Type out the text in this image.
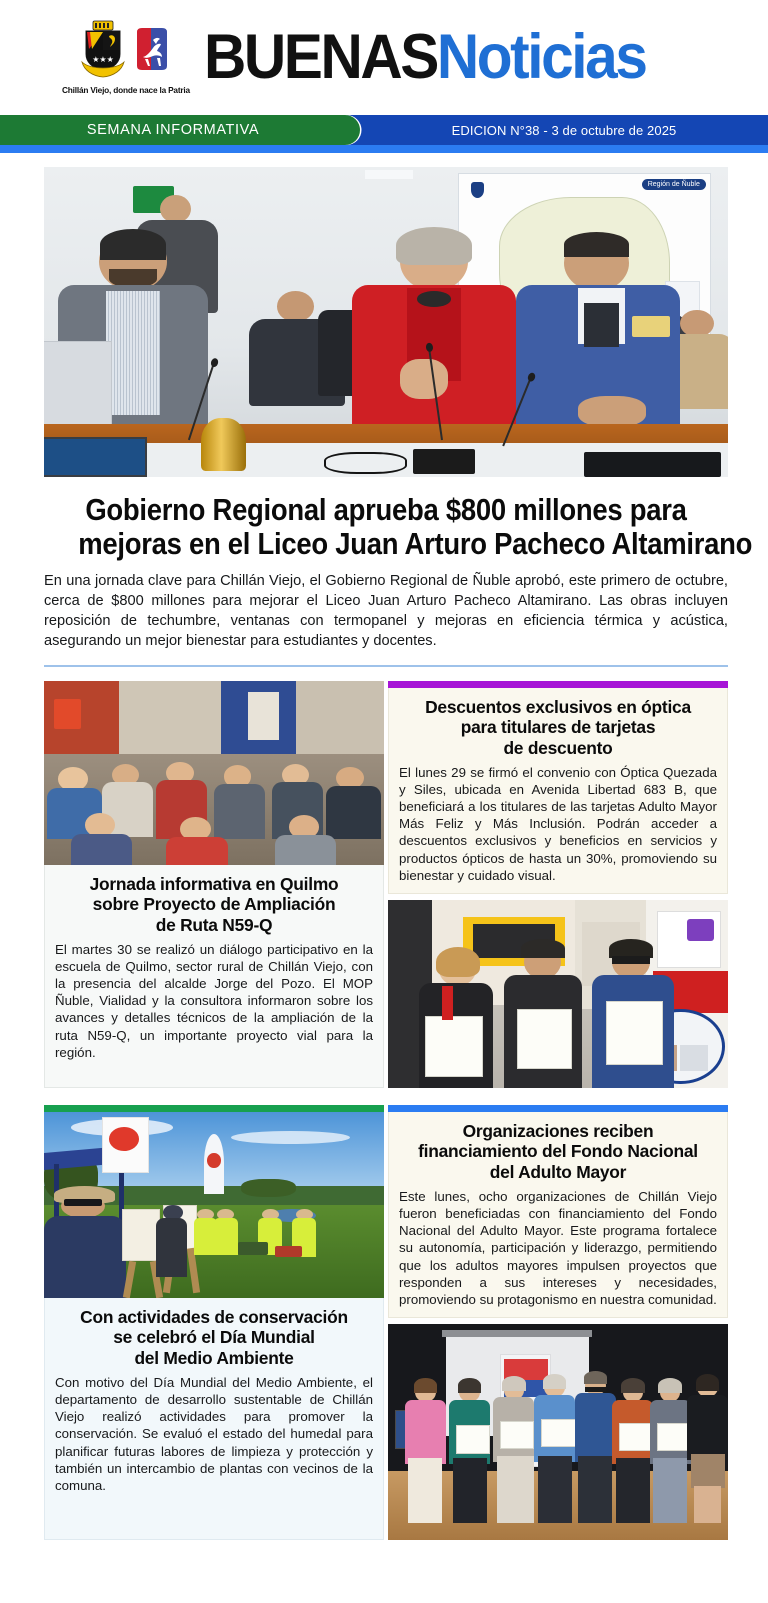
★★★
Chillán Viejo, donde nace la Patria BUENASNoticias
SEMANA INFORMATIVA	EDICION N°38 - 3 de octubre de 2025
Región de Ñuble
Gobierno Regional aprueba $800 millones para
mejoras en el Liceo Juan Arturo Pacheco Altamirano

En una jornada clave para Chillán Viejo, el Gobierno Regional de Ñuble aprobó, este primero de octubre, cerca de $800 millones para mejorar el Liceo Juan Arturo Pacheco Altamirano. Las obras incluyen reposición de techumbre, ventanas con termopanel y mejoras en eficiencia térmica y acústica, asegurando un mejor bienestar para estudiantes y docentes.

Jornada informativa en Quilmo
sobre Proyecto de Ampliación
de Ruta N59-Q

El martes 30 se realizó un diálogo participativo en la escuela de Quilmo, sector rural de Chillán Viejo, con la presencia del alcalde Jorge del Pozo. El MOP Ñuble, Vialidad y la consultora informaron sobre los avances y detalles técnicos de la ampliación de la ruta N59-Q, un importante proyecto vial para la región.

Descuentos exclusivos en óptica
para titulares de tarjetas
de descuento

El lunes 29 se firmó el convenio con Óptica Quezada y Siles, ubicada en Avenida Libertad 683 B, que beneficiará a los titulares de las tarjetas Adulto Mayor Más Feliz y Más Inclusión. Podrán acceder a descuentos exclusivos y beneficios en servicios y productos ópticos de hasta un 30%, promoviendo su bienestar y cuidado visual.

Con actividades de conservación
se celebró el Día Mundial
del Medio Ambiente

Con motivo del Día Mundial del Medio Ambiente, el departamento de desarrollo sustentable de Chillán Viejo realizó actividades para promover la conservación. Se evaluó el estado del humedal para planificar futuras labores de limpieza y protección y también un intercambio de plantas con vecinos de la comuna.

Organizaciones reciben
financiamiento del Fondo Nacional
del Adulto Mayor

Este lunes, ocho organizaciones de Chillán Viejo fueron beneficiadas con financiamiento del Fondo Nacional del Adulto Mayor. Este programa fortalece su autonomía, participación y liderazgo, permitiendo que los adultos mayores impulsen proyectos que responden a sus intereses y necesidades, promoviendo su protagonismo en nuestra comunidad.
